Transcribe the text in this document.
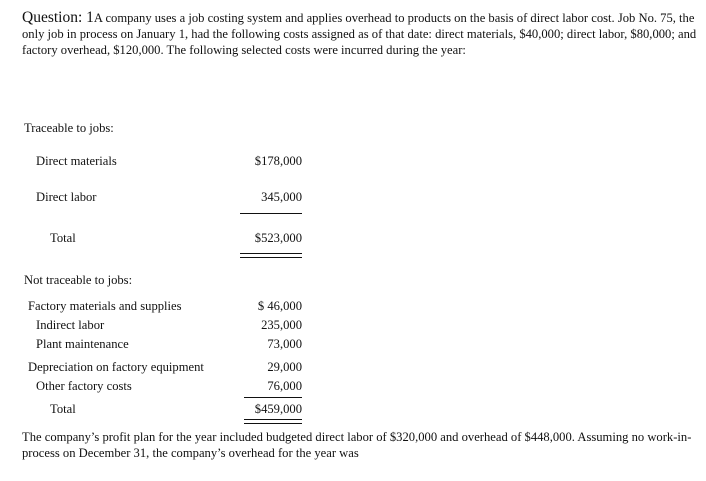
Question: 1A company uses a job costing system and applies overhead to products on the basis of direct labor cost. Job No. 75, the only job in process on January 1, had the following costs assigned as of that date: direct materials, $40,000; direct labor, $80,000; and factory overhead, $120,000. The following selected costs were incurred during the year:
Traceable to jobs:
Direct materials	$178,000
Direct labor	345,000
Total	$523,000
Not traceable to jobs:
Factory materials and supplies	$ 46,000
Indirect labor	235,000
Plant maintenance	73,000
Depreciation on factory equipment	29,000
Other factory costs	76,000
Total	$459,000
The company’s profit plan for the year included budgeted direct labor of $320,000 and overhead of $448,000. Assuming no work-in-process on December 31, the company’s overhead for the year was
